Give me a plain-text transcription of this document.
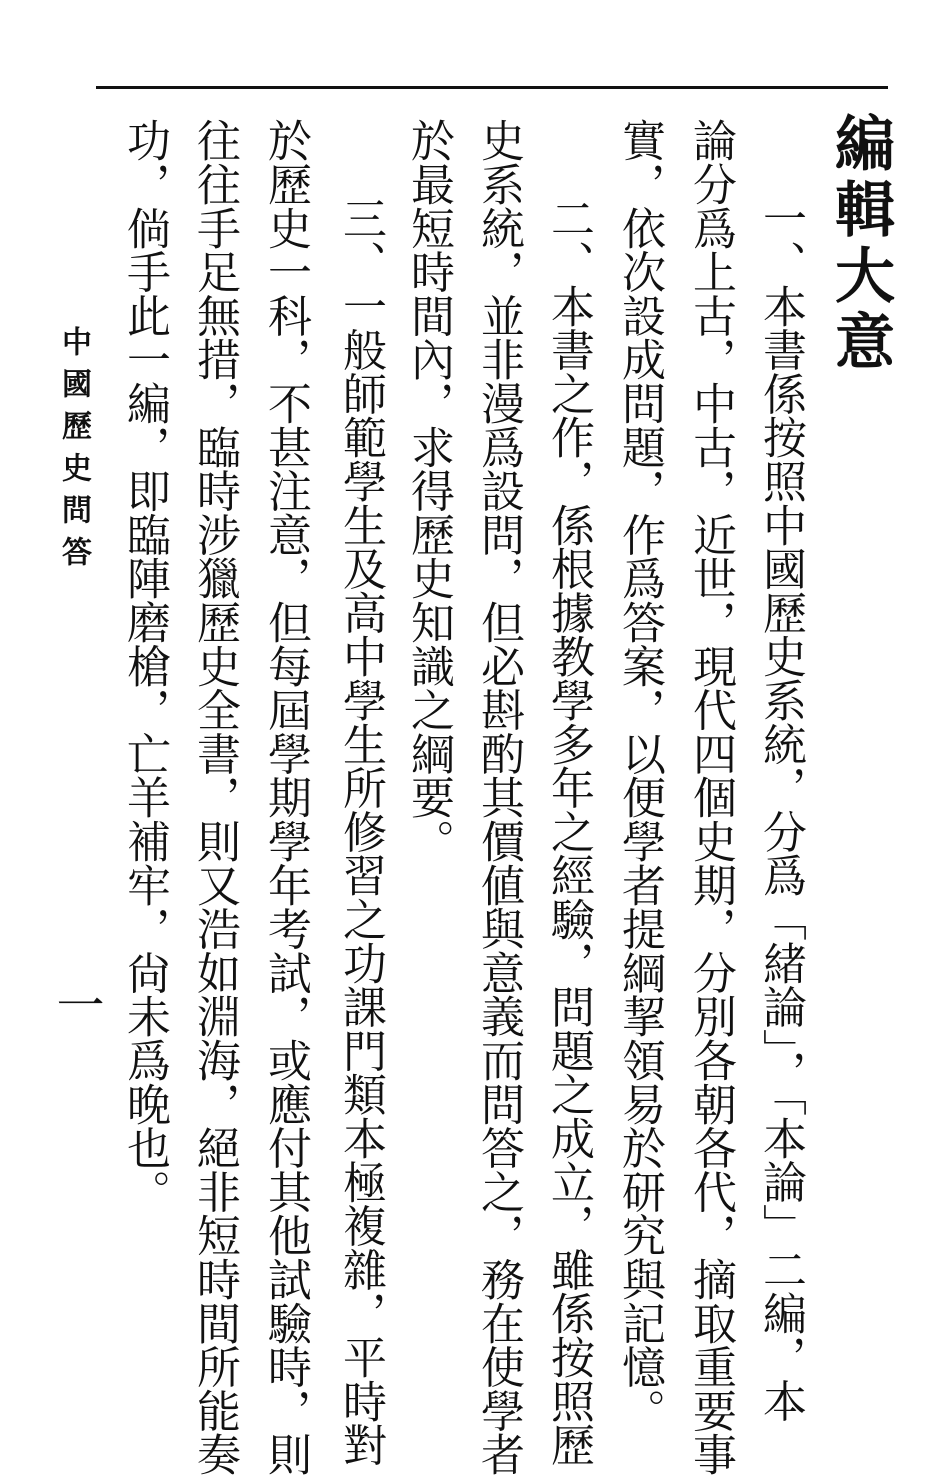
編輯大意
一、本書係按照中國歷史系統，分爲「緒論」，「本論」二編，本
論分爲上古，中古，近世，現代四個史期，分別各朝各代，摘取重要事
實，依次設成問題，作爲答案，以便學者提綱挈領易於研究與記憶。
二、本書之作，係根據教學多年之經驗，問題之成立，雖係按照歷
史系統，並非漫爲設問，但必斟酌其價値與意義而問答之，務在使學者
於最短時間內，求得歷史知識之綱要。
三、一般師範學生及高中學生所修習之功課門類本極複雜，平時對
於歷史一科，不甚注意，但每屆學期學年考試，或應付其他試驗時，則
往往手足無措，臨時涉獵歷史全書，則又浩如淵海，絕非短時間所能奏
功，倘手此一編，即臨陣磨槍，亡羊補牢，尙未爲晚也。
中國歷史問答
一
